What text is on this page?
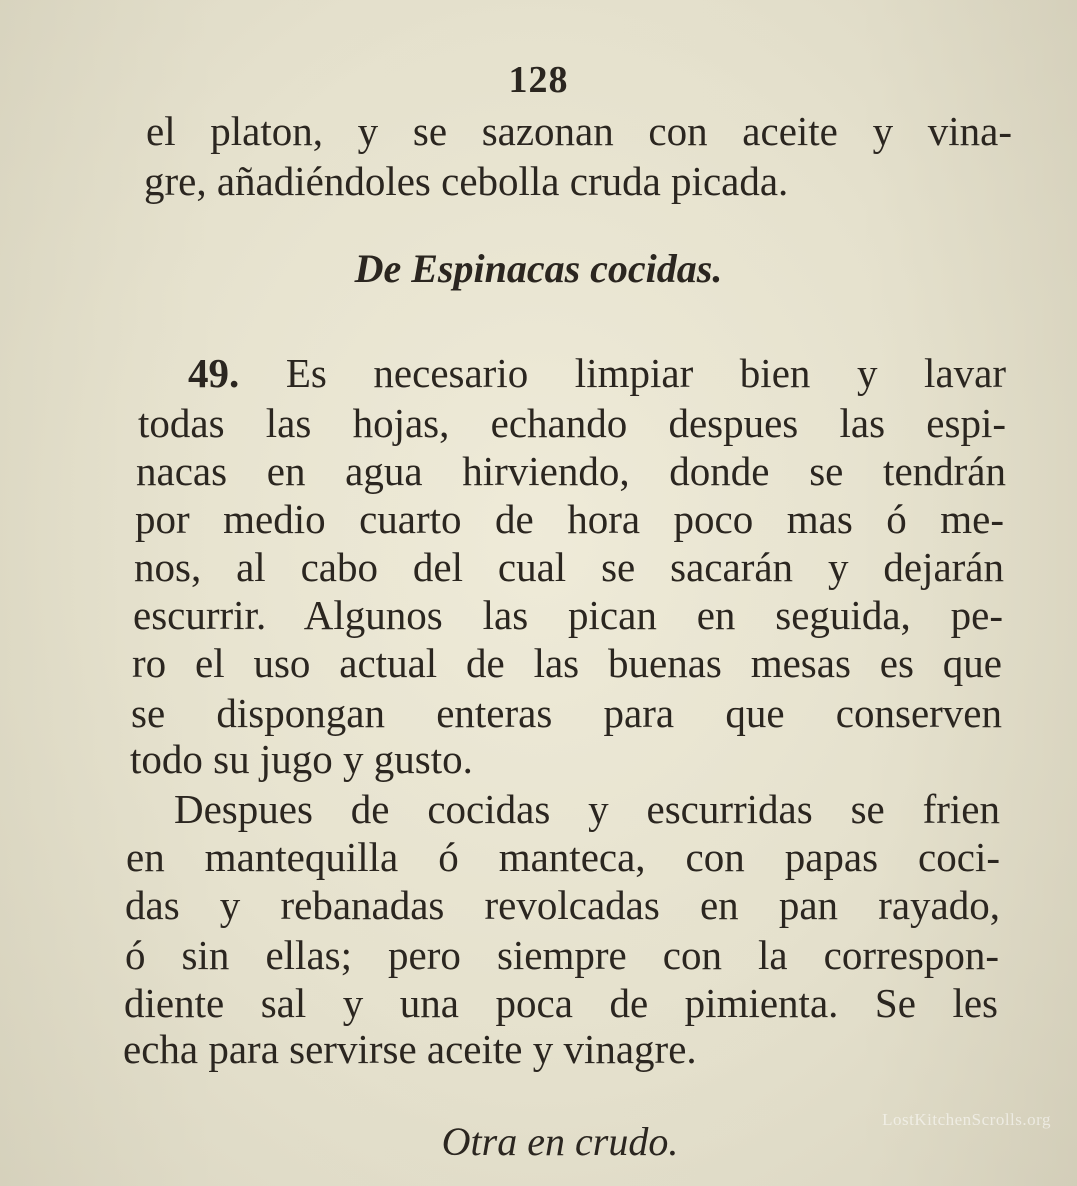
128
el platon, y se sazonan con aceite y vina-
gre, añadiéndoles cebolla cruda picada.
De Espinacas cocidas.
49. Es necesario limpiar bien y lavar
todas las hojas, echando despues las espi-
nacas en agua hirviendo, donde se tendrán
por medio cuarto de hora poco mas ó me-
nos, al cabo del cual se sacarán y dejarán
escurrir. Algunos las pican en seguida, pe-
ro el uso actual de las buenas mesas es que
se dispongan enteras para que conserven
todo su jugo y gusto.
Despues de cocidas y escurridas se frien
en mantequilla ó manteca, con papas coci-
das y rebanadas revolcadas en pan rayado,
ó sin ellas; pero siempre con la correspon-
diente sal y una poca de pimienta. Se les
echa para servirse aceite y vinagre.
Otra en crudo.	LostKitchenScrolls.org
